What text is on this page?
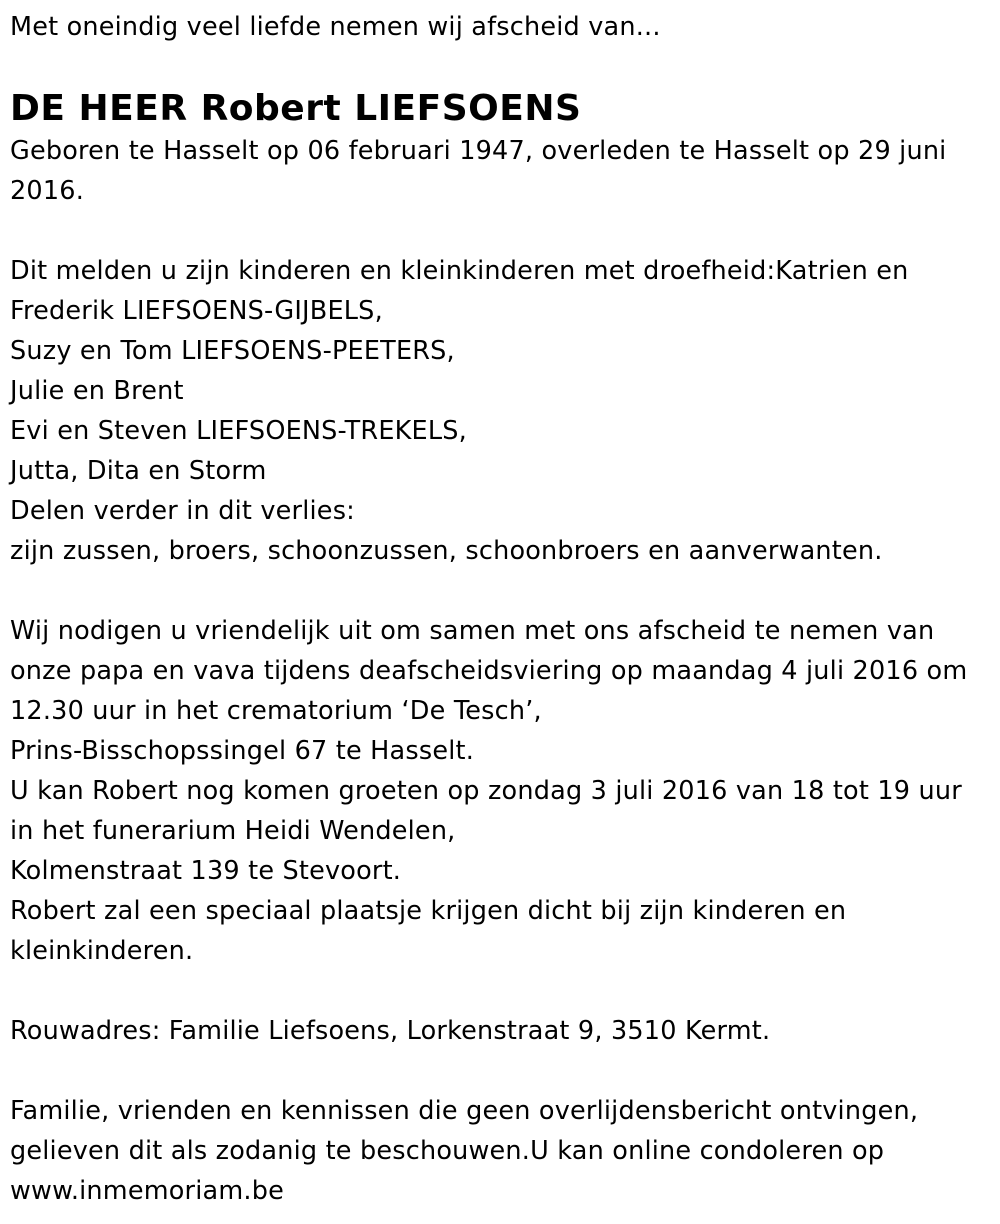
Met oneindig veel liefde nemen wij afscheid van...
DE HEER Robert LIEFSOENS
Geboren te Hasselt op 06 februari 1947, overleden te Hasselt op 29 juni
2016.
Dit melden u zijn kinderen en kleinkinderen met droefheid:Katrien en
Frederik LIEFSOENS-GIJBELS,
Suzy en Tom LIEFSOENS-PEETERS,
Julie en Brent
Evi en Steven LIEFSOENS-TREKELS,
Jutta, Dita en Storm
Delen verder in dit verlies:
zijn zussen, broers, schoonzussen, schoonbroers en aanverwanten.
Wij nodigen u vriendelijk uit om samen met ons afscheid te nemen van
onze papa en vava tijdens deafscheidsviering op maandag 4 juli 2016 om
12.30 uur in het crematorium ‘De Tesch’,
Prins-Bisschopssingel 67 te Hasselt.
U kan Robert nog komen groeten op zondag 3 juli 2016 van 18 tot 19 uur
in het funerarium Heidi Wendelen,
Kolmenstraat 139 te Stevoort.
Robert zal een speciaal plaatsje krijgen dicht bij zijn kinderen en
kleinkinderen.
Rouwadres: Familie Liefsoens, Lorkenstraat 9, 3510 Kermt.
Familie, vrienden en kennissen die geen overlijdensbericht ontvingen,
gelieven dit als zodanig te beschouwen.U kan online condoleren op
www.inmemoriam.be
